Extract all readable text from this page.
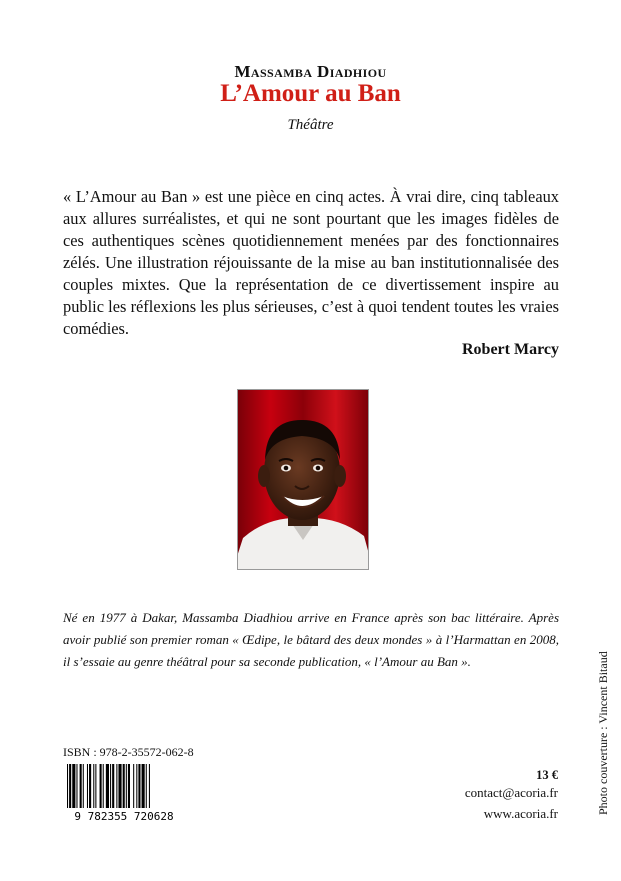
Massamba Diadhiou
L’Amour au Ban
Théâtre

« L’Amour au Ban » est une pièce en cinq actes. À vrai dire, cinq tableaux aux allures surréalistes, et qui ne sont pourtant que les images fidèles de ces authentiques scènes quotidiennement menées par des fonctionnaires zélés. Une illustration réjouissante de la mise au ban institutionnalisée des couples mixtes. Que la représentation de ce divertissement inspire au public les réflexions les plus sérieuses, c’est à quoi tendent toutes les vraies comédies.

Robert Marcy

Né en 1977 à Dakar, Massamba Diadhiou arrive en France après son bac littéraire. Après avoir publié son premier roman « Œdipe, le bâtard des deux mondes » à l’Harmattan en 2008, il s’essaie au genre théâtral pour sa seconde publication, « l’Amour au Ban ».

ISBN : 978-2-35572-062-8
9 782355 720628
13 €
contact@acoria.fr
www.acoria.fr	Photo couverture : Vincent Bitaud
